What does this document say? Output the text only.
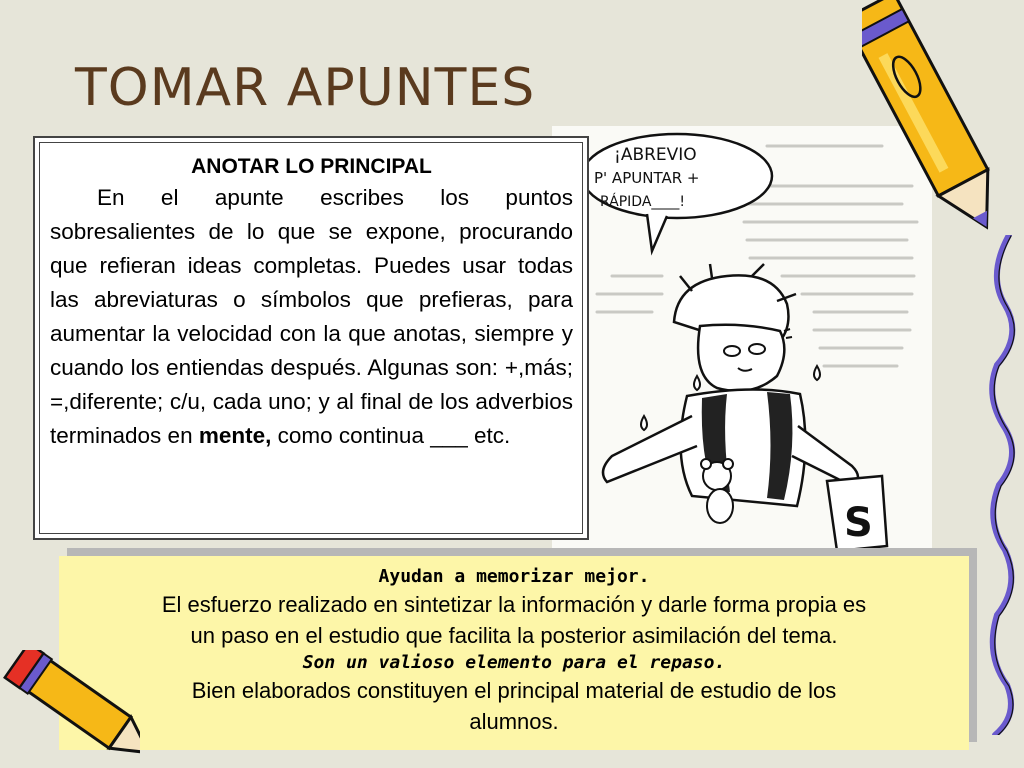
TOMAR APUNTES
¡ABREVIO
P' APUNTAR +
RÁPIDA____!
S
ANOTAR LO PRINCIPAL
En el apunte escribes los puntos sobresalientes de lo que se expone, procurando que refieran ideas completas. Puedes usar todas las abreviaturas o símbolos que prefieras, para aumentar la velocidad con la que anotas, siempre y cuando los entiendas después. Algunas son: +,más; =,diferente; c/u, cada uno; y al final de los adverbios terminados en mente, como continua ___ etc.
Ayudan a memorizar mejor.
El esfuerzo realizado en sintetizar la información y darle forma propia es
un paso en el estudio que facilita la posterior asimilación del tema.
Son un valioso elemento para el repaso.
Bien elaborados constituyen el principal material de estudio de los
alumnos.
